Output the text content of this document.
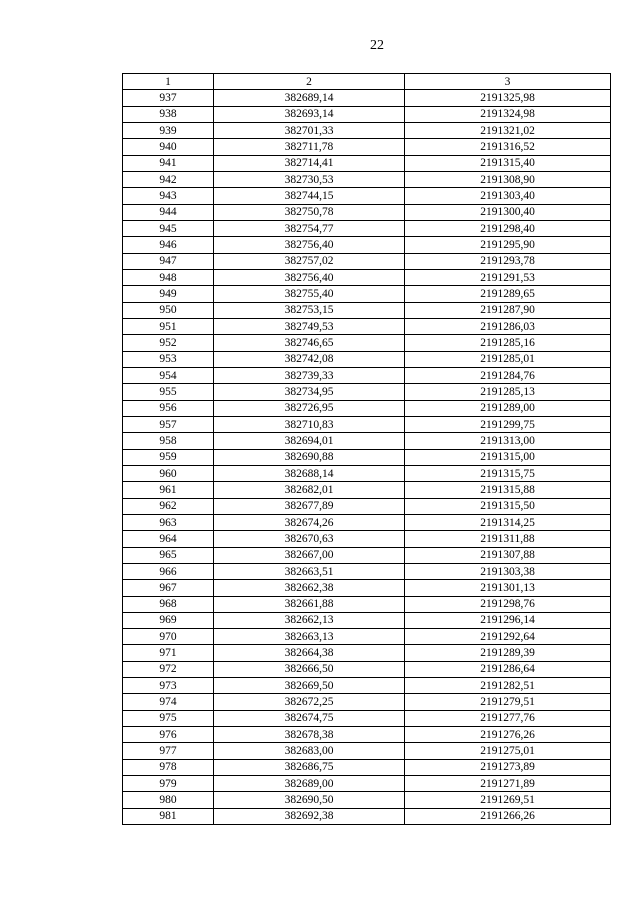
22
1	2	3
937	382689,14	2191325,98
938	382693,14	2191324,98
939	382701,33	2191321,02
940	382711,78	2191316,52
941	382714,41	2191315,40
942	382730,53	2191308,90
943	382744,15	2191303,40
944	382750,78	2191300,40
945	382754,77	2191298,40
946	382756,40	2191295,90
947	382757,02	2191293,78
948	382756,40	2191291,53
949	382755,40	2191289,65
950	382753,15	2191287,90
951	382749,53	2191286,03
952	382746,65	2191285,16
953	382742,08	2191285,01
954	382739,33	2191284,76
955	382734,95	2191285,13
956	382726,95	2191289,00
957	382710,83	2191299,75
958	382694,01	2191313,00
959	382690,88	2191315,00
960	382688,14	2191315,75
961	382682,01	2191315,88
962	382677,89	2191315,50
963	382674,26	2191314,25
964	382670,63	2191311,88
965	382667,00	2191307,88
966	382663,51	2191303,38
967	382662,38	2191301,13
968	382661,88	2191298,76
969	382662,13	2191296,14
970	382663,13	2191292,64
971	382664,38	2191289,39
972	382666,50	2191286,64
973	382669,50	2191282,51
974	382672,25	2191279,51
975	382674,75	2191277,76
976	382678,38	2191276,26
977	382683,00	2191275,01
978	382686,75	2191273,89
979	382689,00	2191271,89
980	382690,50	2191269,51
981	382692,38	2191266,26
